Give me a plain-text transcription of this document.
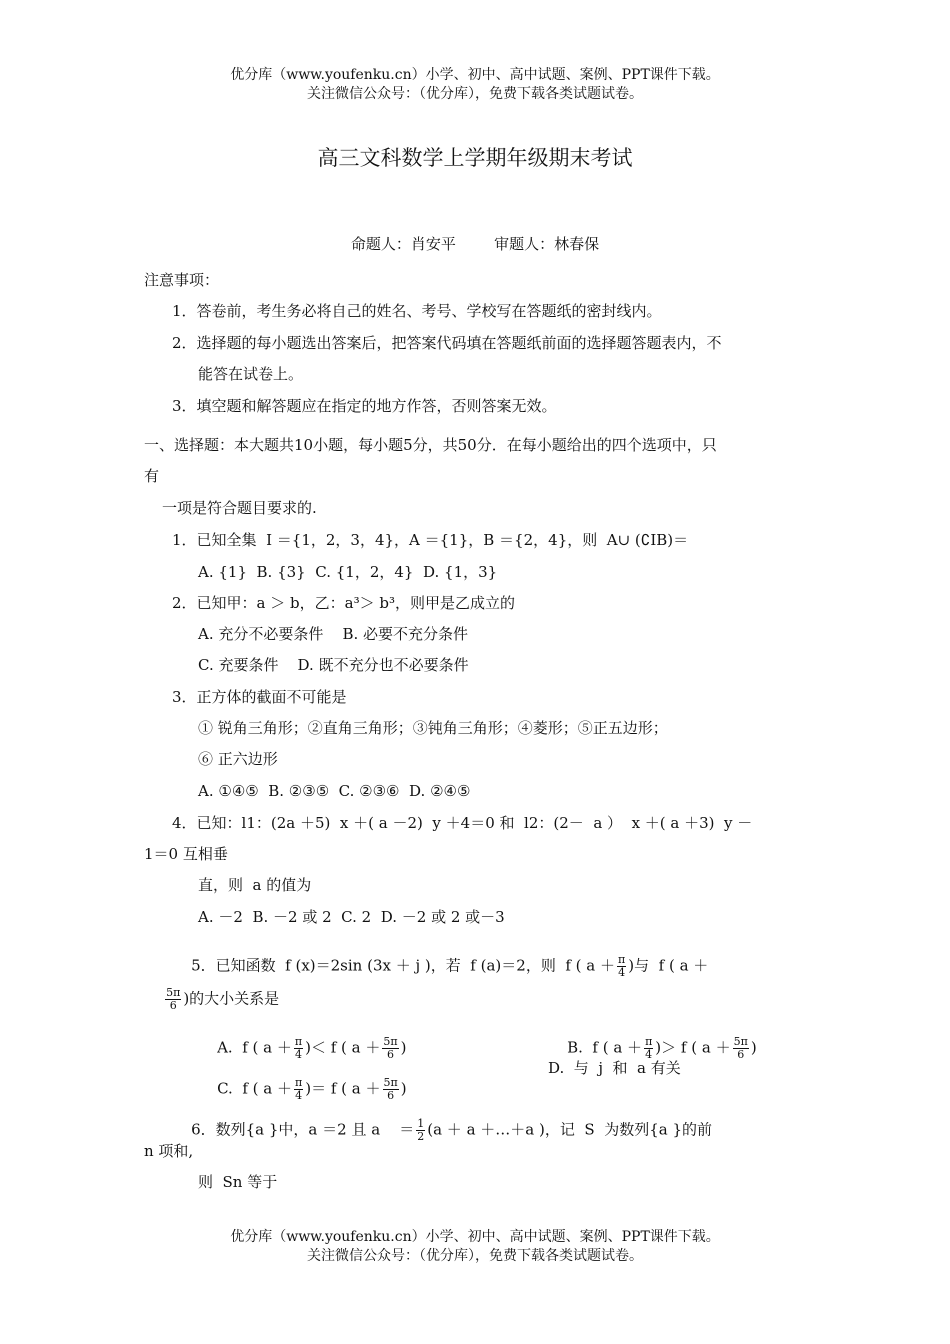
优分库（www.youfenku.cn）小学、初中、高中试题、案例、PPT课件下载。
关注微信公众号：（优分库），免费下载各类试题试卷。
高三文科数学上学期年级期末考试
命题人：肖安平        审题人：林春保
注意事项：
1．答卷前，考生务必将自己的姓名、考号、学校写在答题纸的密封线内。
2．选择题的每小题选出答案后，把答案代码填在答题纸前面的选择题答题表内，不
能答在试卷上。
3．填空题和解答题应在指定的地方作答，否则答案无效。
一、选择题：本大题共10小题，每小题5分，共50分．在每小题给出的四个选项中，只
有
一项是符合题目要求的.
1．已知全集  I ＝{1，2，3，4}，A ＝{1}，B ＝{2，4}，则  A∪ (∁IB)＝
A. {1}  B. {3}  C. {1，2，4}  D. {1，3}
2．已知甲：a ＞ b，乙：a³＞ b³，则甲是乙成立的
A. 充分不必要条件    B. 必要不充分条件
C. 充要条件    D. 既不充分也不必要条件
3．正方体的截面不可能是
① 锐角三角形；②直角三角形；③钝角三角形；④菱形；⑤正五边形；
⑥ 正六边形
A. ①④⑤  B. ②③⑤  C. ②③⑥  D. ②④⑤
4．已知：l1：(2a ＋5)  x ＋( a －2)  y ＋4＝0 和  l2：(2－  a ）  x ＋( a ＋3)  y －
1＝0 互相垂
直，则  a 的值为
A. －2  B. －2 或 2  C. 2  D. －2 或 2 或－3

5．已知函数  f (x)＝2sin (3x ＋ j )，若  f (a)＝2，则  f ( $a + \frac{\pi}{4}$ )与  f ( a ＋

$\frac{5\pi}{6}$ )的大小关系是

A.  f ( $a + \frac{\pi}{4}$ )＜ f ( $a + \frac{5\pi}{6}$ )
	B.  f ( $a + \frac{\pi}{4}$ )＞ f ( $a + \frac{5\pi}{6}$ )

C.  f ( $a + \frac{\pi}{4}$ )＝ f ( $a + \frac{5\pi}{6}$ )

D.  与  j  和  a 有关

6．数列{a }中，a ＝2 且 a    ＝ $\frac{1}{2} (a + a$ ＋…＋a )，记  S  为数列{a }的前

n 项和,
则  Sn 等于
优分库（www.youfenku.cn）小学、初中、高中试题、案例、PPT课件下载。
关注微信公众号：（优分库），免费下载各类试题试卷。
